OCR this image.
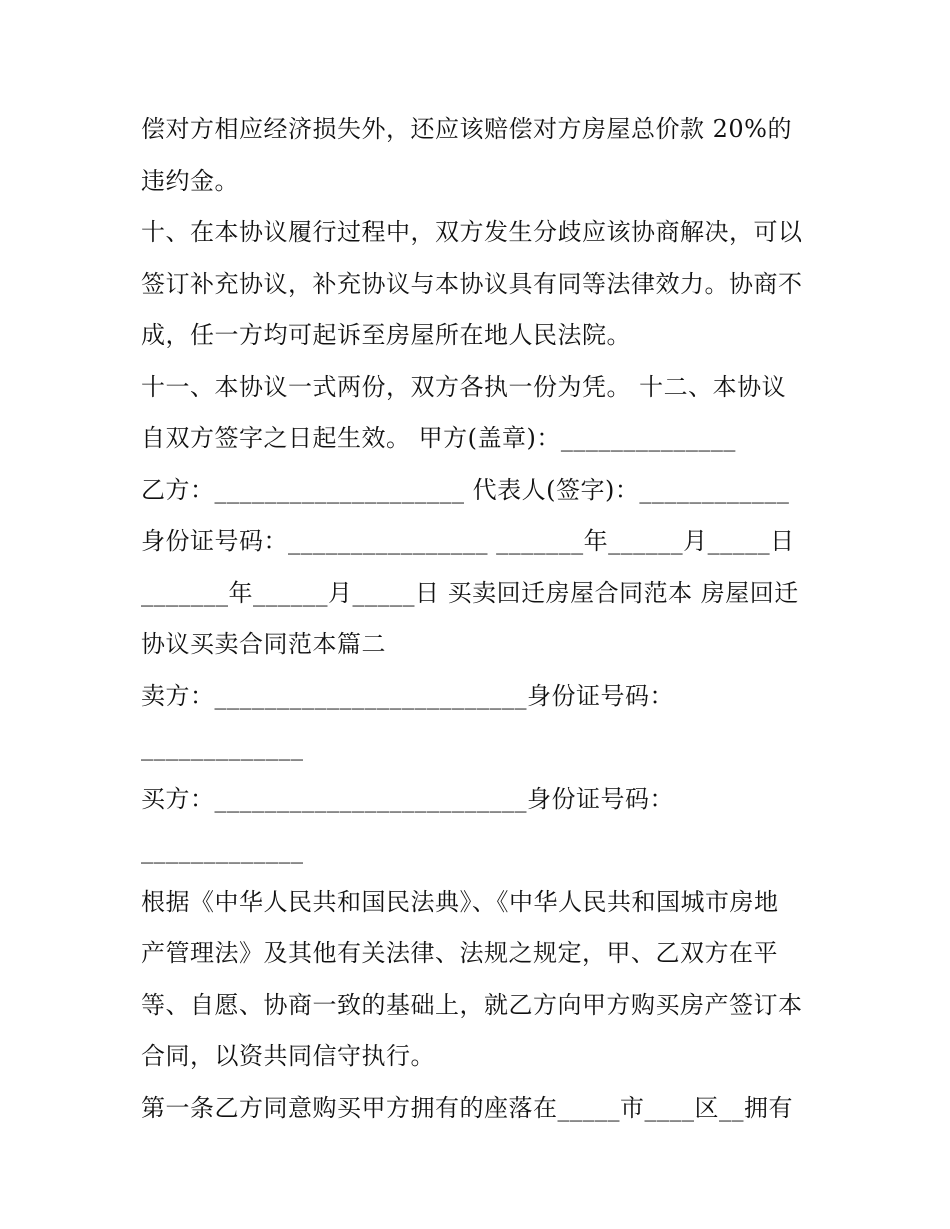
偿对方相应经济损失外，还应该赔偿对方房屋总价款 20%的
违约金。
十、在本协议履行过程中，双方发生分歧应该协商解决，可以
签订补充协议，补充协议与本协议具有同等法律效力。协商不
成，任一方均可起诉至房屋所在地人民法院。
十一、本协议一式两份，双方各执一份为凭。 十二、本协议
自双方签字之日起生效。 甲方(盖章)：______________
乙方：____________________ 代表人(签字)：____________
身份证号码：________________ _______年______月_____日
_______年______月_____日 买卖回迁房屋合同范本 房屋回迁
协议买卖合同范本篇二
卖方：_________________________身份证号码：
_____________
买方：_________________________身份证号码：
_____________
根据《中华人民共和国民法典》、《中华人民共和国城市房地
产管理法》及其他有关法律、法规之规定，甲、乙双方在平
等、自愿、协商一致的基础上，就乙方向甲方购买房产签订本
合同，以资共同信守执行。
第一条乙方同意购买甲方拥有的座落在_____市____区__拥有
